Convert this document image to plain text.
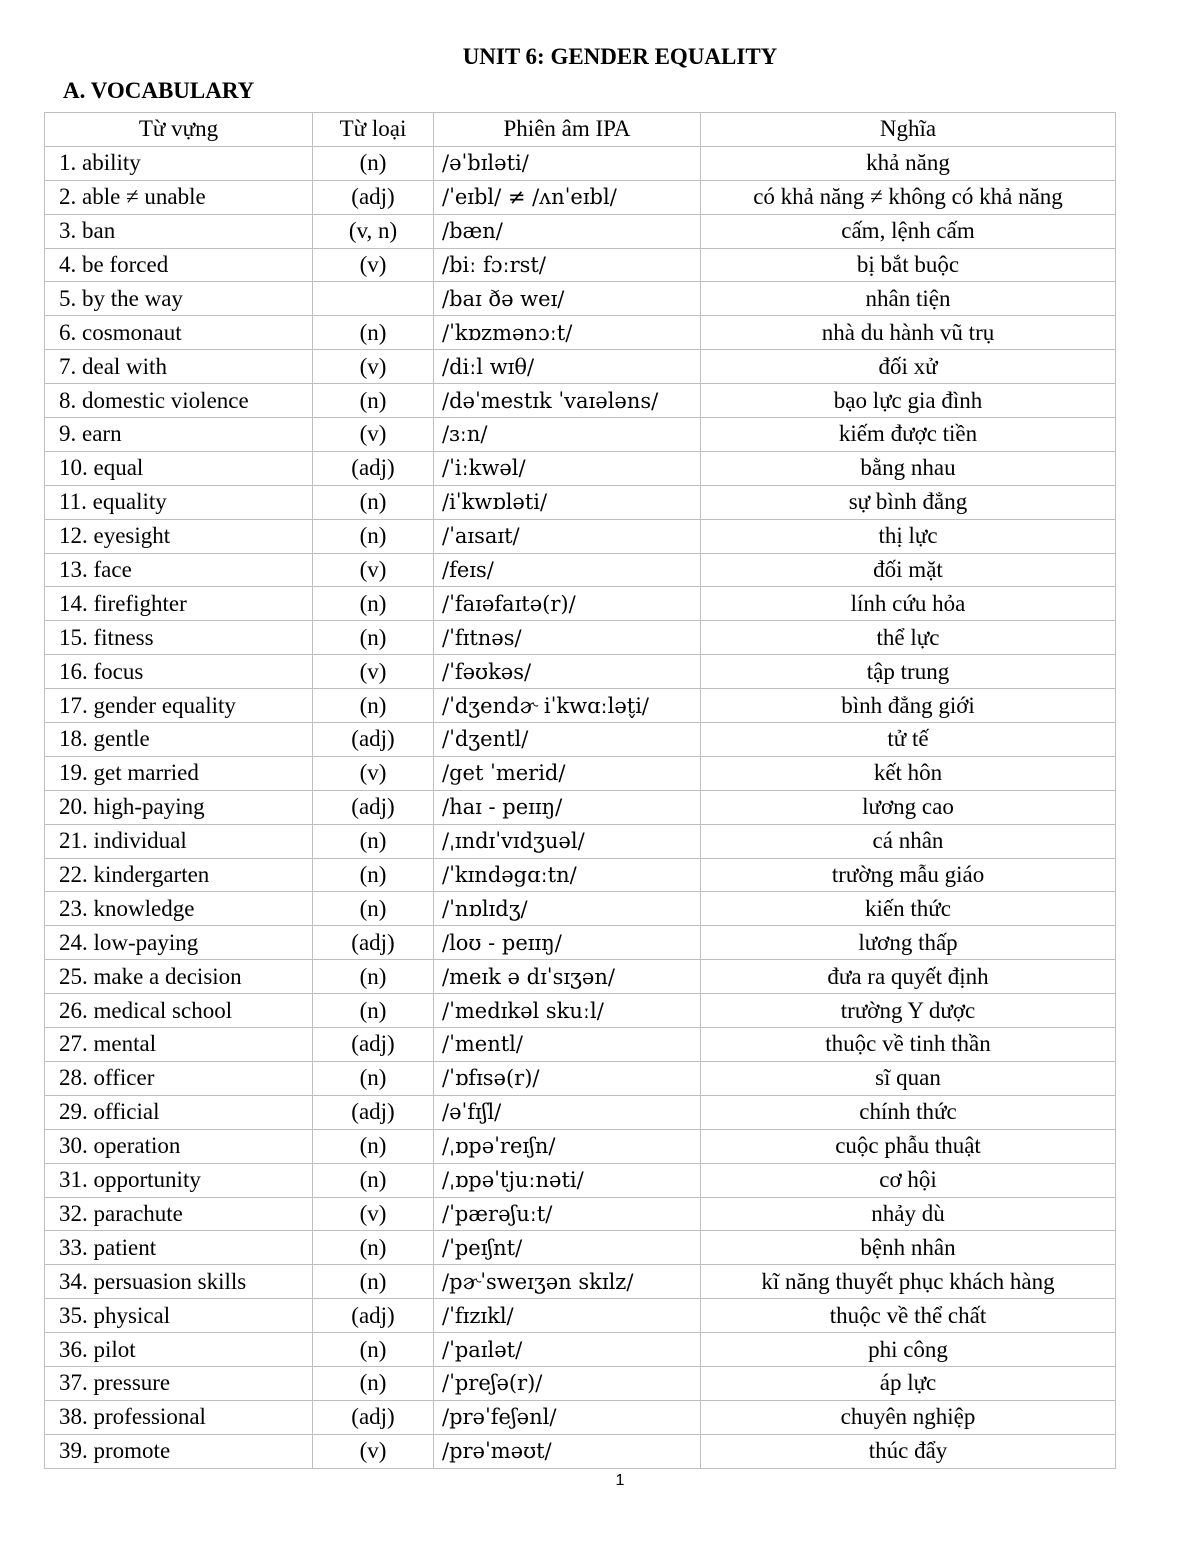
UNIT 6: GENDER EQUALITY
A. VOCABULARY
Từ vựng	Từ loại	Phiên âm IPA	Nghĩa
1. ability	(n)	/əˈbɪləti/	khả năng
2. able ≠ unable	(adj)	/ˈeɪbl/ ≠ /ʌnˈeɪbl/	có khả năng ≠ không có khả năng
3. ban	(v, n)	/bæn/	cấm, lệnh cấm
4. be forced	(v)	/biː fɔːrst/	bị bắt buộc
5. by the way		/baɪ ðə weɪ/	nhân tiện
6. cosmonaut	(n)	/ˈkɒzmənɔːt/	nhà du hành vũ trụ
7. deal with	(v)	/diːl wɪθ/	đối xử
8. domestic violence	(n)	/dəˈmestɪk ˈvaɪələns/	bạo lực gia đình
9. earn	(v)	/ɜːn/	kiếm được tiền
10. equal	(adj)	/ˈiːkwəl/	bằng nhau
11. equality	(n)	/iˈkwɒləti/	sự bình đẳng
12. eyesight	(n)	/ˈaɪsaɪt/	thị lực
13. face	(v)	/feɪs/	đối mặt
14. firefighter	(n)	/ˈfaɪəfaɪtə(r)/	lính cứu hỏa
15. fitness	(n)	/ˈfɪtnəs/	thể lực
16. focus	(v)	/ˈfəʊkəs/	tập trung
17. gender equality	(n)	/ˈdʒendɚ iˈkwɑːlət̬i/	bình đẳng giới
18. gentle	(adj)	/ˈdʒentl/	tử tế
19. get married	(v)	/get ˈmerid/	kết hôn
20. high-paying	(adj)	/haɪ - peɪɪŋ/	lương cao
21. individual	(n)	/ˌɪndɪˈvɪdʒuəl/	cá nhân
22. kindergarten	(n)	/ˈkɪndəgɑːtn/	trường mẫu giáo
23. knowledge	(n)	/ˈnɒlɪdʒ/	kiến thức
24. low-paying	(adj)	/loʊ - peɪɪŋ/	lương thấp
25. make a decision	(n)	/meɪk ə dɪˈsɪʒən/	đưa ra quyết định
26. medical school	(n)	/ˈmedɪkəl skuːl/	trường Y dược
27. mental	(adj)	/ˈmentl/	thuộc về tinh thần
28. officer	(n)	/ˈɒfɪsə(r)/	sĩ quan
29. official	(adj)	/əˈfɪʃl/	chính thức
30. operation	(n)	/ˌɒpəˈreɪʃn/	cuộc phẫu thuật
31. opportunity	(n)	/ˌɒpəˈtjuːnəti/	cơ hội
32. parachute	(v)	/ˈpærəʃuːt/	nhảy dù
33. patient	(n)	/ˈpeɪʃnt/	bệnh nhân
34. persuasion skills	(n)	/pɚˈsweɪʒən skɪlz/	kĩ năng thuyết phục khách hàng
35. physical	(adj)	/ˈfɪzɪkl/	thuộc về thể chất
36. pilot	(n)	/ˈpaɪlət/	phi công
37. pressure	(n)	/ˈpreʃə(r)/	áp lực
38. professional	(adj)	/prəˈfeʃənl/	chuyên nghiệp
39. promote	(v)	/prəˈməʊt/	thúc đẩy
1
